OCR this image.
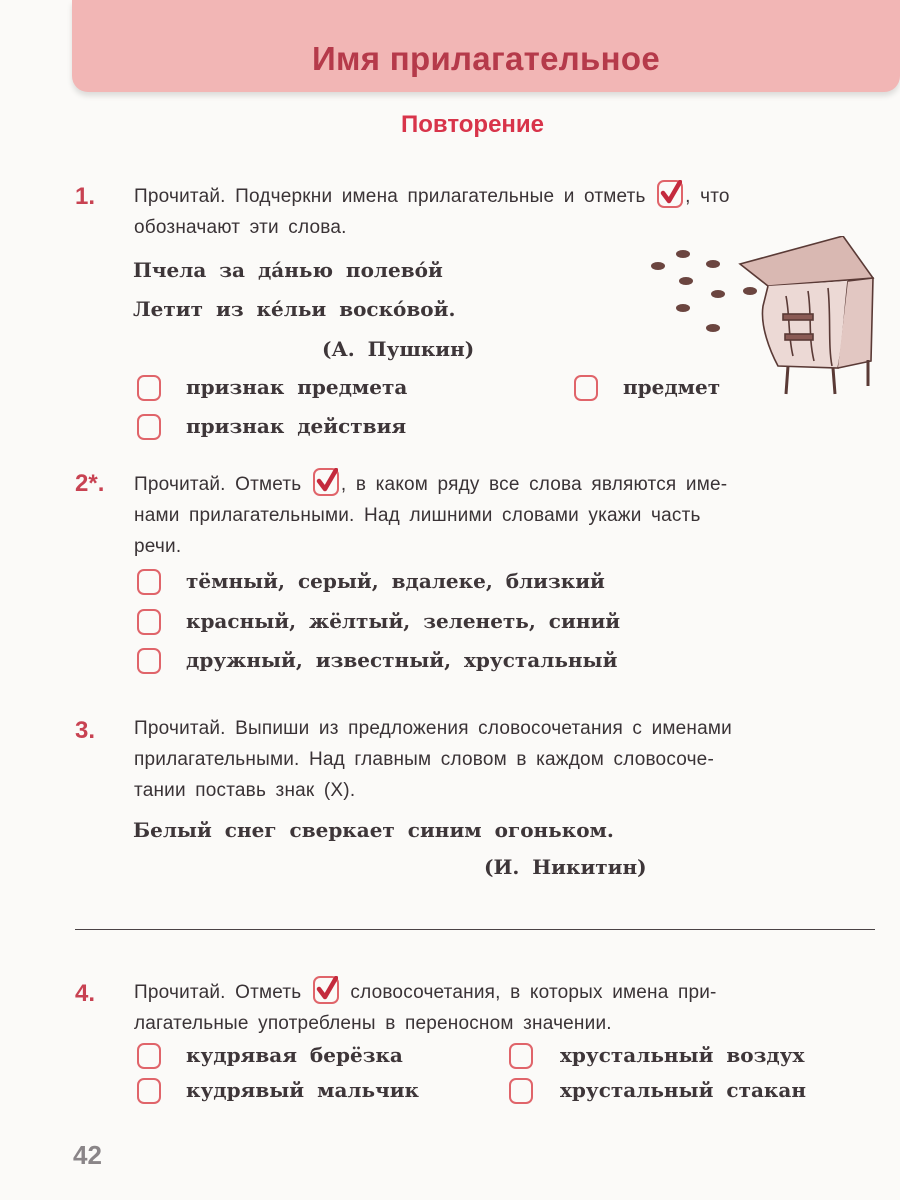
Имя прилагательное
Повторение
1. Прочитай. Подчеркни имена прилагательные и отметь , что
обозначают эти слова.
Пчела за да́нью полево́й
Летит из ке́льи воско́вой.
(А. Пушкин)
признак предмета	предмет
признак действия
2*. Прочитай. Отметь , в каком ряду все слова являются име-
нами прилагательными. Над лишними словами укажи часть
речи.
тёмный, серый, вдалеке, близкий
красный, жёлтый, зеленеть, синий
дружный, известный, хрустальный
3. Прочитай. Выпиши из предложения словосочетания с именами
прилагательными. Над главным словом в каждом словосоче-
тании поставь знак (X).
Белый снег сверкает синим огоньком.
(И. Никитин)
4. Прочитай. Отметь	словосочетания, в которых имена при-
лагательные употреблены в переносном значении.
кудрявая берёзка	хрустальный воздух
кудрявый мальчик	хрустальный стакан
42
